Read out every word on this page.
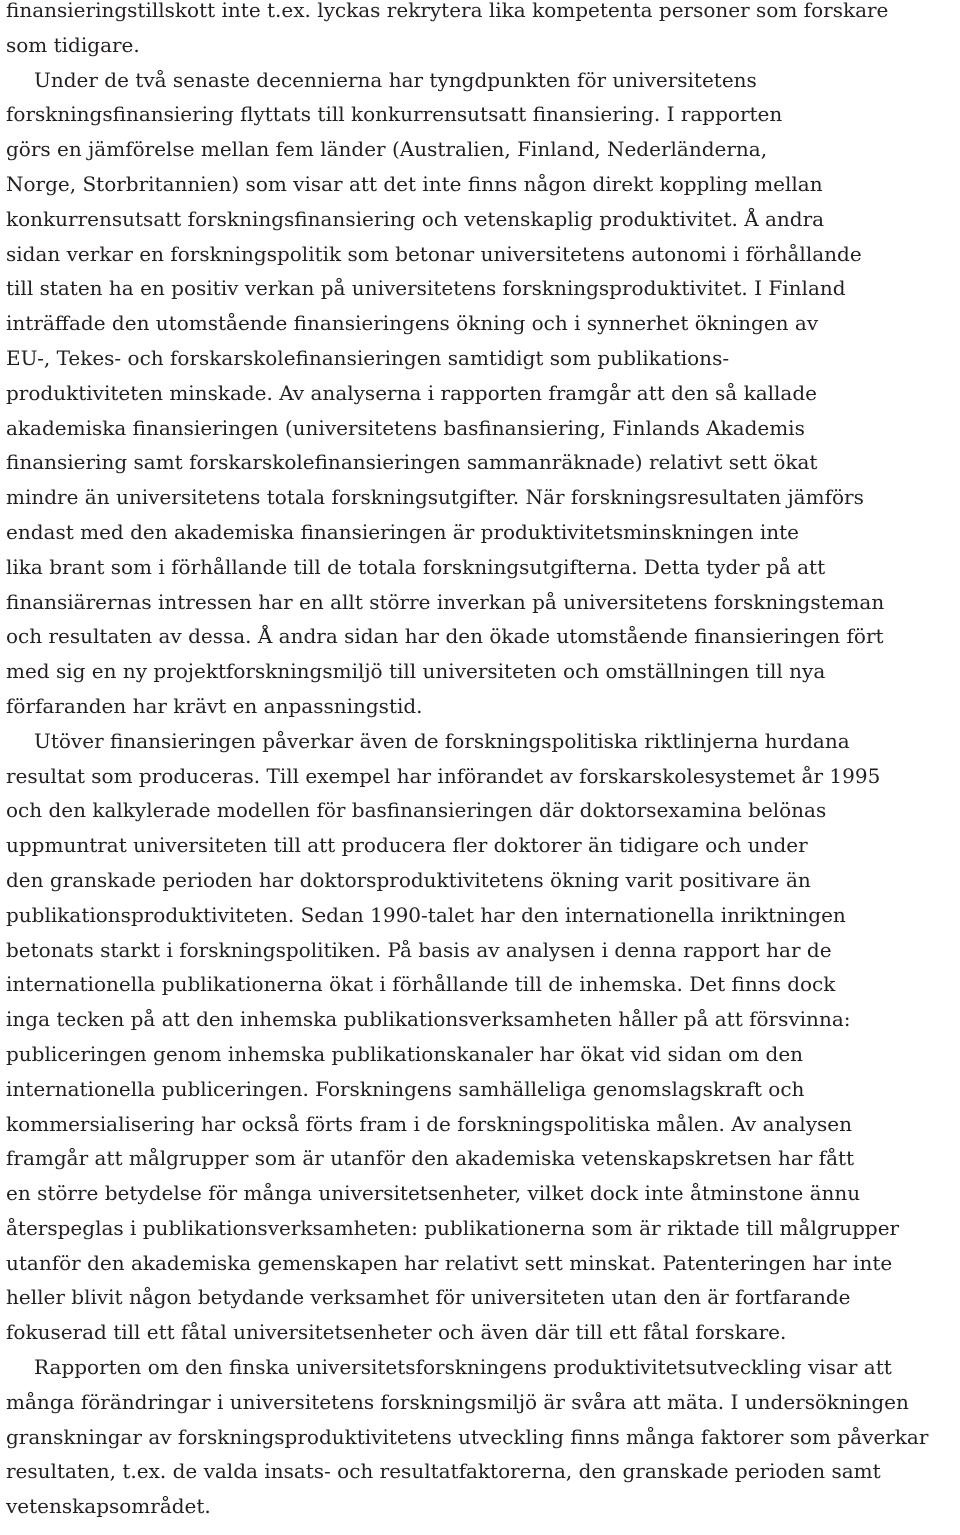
finansieringstillskott inte t.ex. lyckas rekrytera lika kompetenta personer som forskare
som tidigare.
Under de två senaste decennierna har tyngdpunkten för universitetens
forskningsfinansiering flyttats till konkurrensutsatt finansiering. I rapporten
görs en jämförelse mellan fem länder (Australien, Finland, Nederländerna,
Norge, Storbritannien) som visar att det inte finns någon direkt koppling mellan
konkurrensutsatt forskningsfinansiering och vetenskaplig produktivitet. Å andra
sidan verkar en forskningspolitik som betonar universitetens autonomi i förhållande
till staten ha en positiv verkan på universitetens forskningsproduktivitet. I Finland
inträffade den utomstående finansieringens ökning och i synnerhet ökningen av
EU-, Tekes- och forskarskolefinansieringen samtidigt som publikations-
produktiviteten minskade. Av analyserna i rapporten framgår att den så kallade
akademiska finansieringen (universitetens basfinansiering, Finlands Akademis
finansiering samt forskarskolefinansieringen sammanräknade) relativt sett ökat
mindre än universitetens totala forskningsutgifter. När forskningsresultaten jämförs
endast med den akademiska finansieringen är produktivitetsminskningen inte
lika brant som i förhållande till de totala forskningsutgifterna. Detta tyder på att
finansiärernas intressen har en allt större inverkan på universitetens forskningsteman
och resultaten av dessa. Å andra sidan har den ökade utomstående finansieringen fört
med sig en ny projektforskningsmiljö till universiteten och omställningen till nya
förfaranden har krävt en anpassningstid.
Utöver finansieringen påverkar även de forskningspolitiska riktlinjerna hurdana
resultat som produceras. Till exempel har införandet av forskarskolesystemet år 1995
och den kalkylerade modellen för basfinansieringen där doktorsexamina belönas
uppmuntrat universiteten till att producera fler doktorer än tidigare och under
den granskade perioden har doktorsproduktivitetens ökning varit positivare än
publikationsproduktiviteten. Sedan 1990-talet har den internationella inriktningen
betonats starkt i forskningspolitiken. På basis av analysen i denna rapport har de
internationella publikationerna ökat i förhållande till de inhemska. Det finns dock
inga tecken på att den inhemska publikationsverksamheten håller på att försvinna:
publiceringen genom inhemska publikationskanaler har ökat vid sidan om den
internationella publiceringen. Forskningens samhälleliga genomslagskraft och
kommersialisering har också förts fram i de forskningspolitiska målen. Av analysen
framgår att målgrupper som är utanför den akademiska vetenskapskretsen har fått
en större betydelse för många universitetsenheter, vilket dock inte åtminstone ännu
återspeglas i publikationsverksamheten: publikationerna som är riktade till målgrupper
utanför den akademiska gemenskapen har relativt sett minskat. Patenteringen har inte
heller blivit någon betydande verksamhet för universiteten utan den är fortfarande
fokuserad till ett fåtal universitetsenheter och även där till ett fåtal forskare.
Rapporten om den finska universitetsforskningens produktivitetsutveckling visar att
många förändringar i universitetens forskningsmiljö är svåra att mäta. I undersökningen
granskningar av forskningsproduktivitetens utveckling finns många faktorer som påverkar
resultaten, t.ex. de valda insats- och resultatfaktorerna, den granskade perioden samt
vetenskapsområdet.
